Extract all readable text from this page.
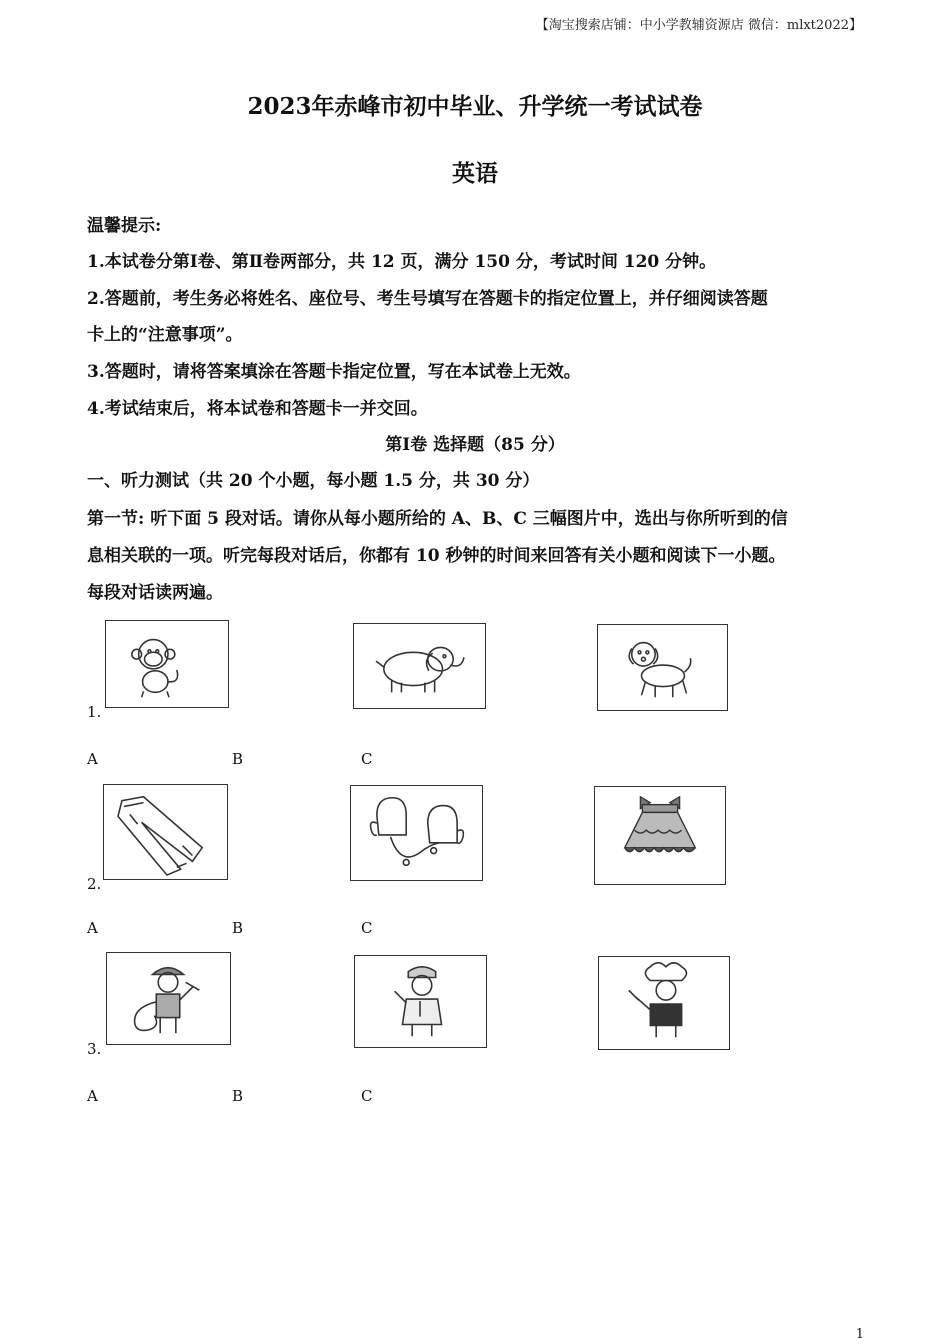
【淘宝搜索店铺：中小学教辅资源店 微信：mlxt2022】
2023年赤峰市初中毕业、升学统一考试试卷
英语
温馨提示:
1.本试卷分第Ⅰ卷、第Ⅱ卷两部分，共 12 页，满分 150 分，考试时间 120 分钟。
2.答题前，考生务必将姓名、座位号、考生号填写在答题卡的指定位置上，并仔细阅读答题
卡上的“注意事项”。
3.答题时，请将答案填涂在答题卡指定位置，写在本试卷上无效。
4.考试结束后，将本试卷和答题卡一并交回。
第Ⅰ卷 选择题（85 分）
一、听力测试（共 20 个小题，每小题 1.5 分，共 30 分）
第一节: 听下面 5 段对话。请你从每小题所给的 A、B、C 三幅图片中，选出与你所听到的信
息相关联的一项。听完每段对话后，你都有 10 秒钟的时间来回答有关小题和阅读下一小题。
每段对话读两遍。
1.
A	B	C
2.
A	B	C
3.
A	B	C
1
